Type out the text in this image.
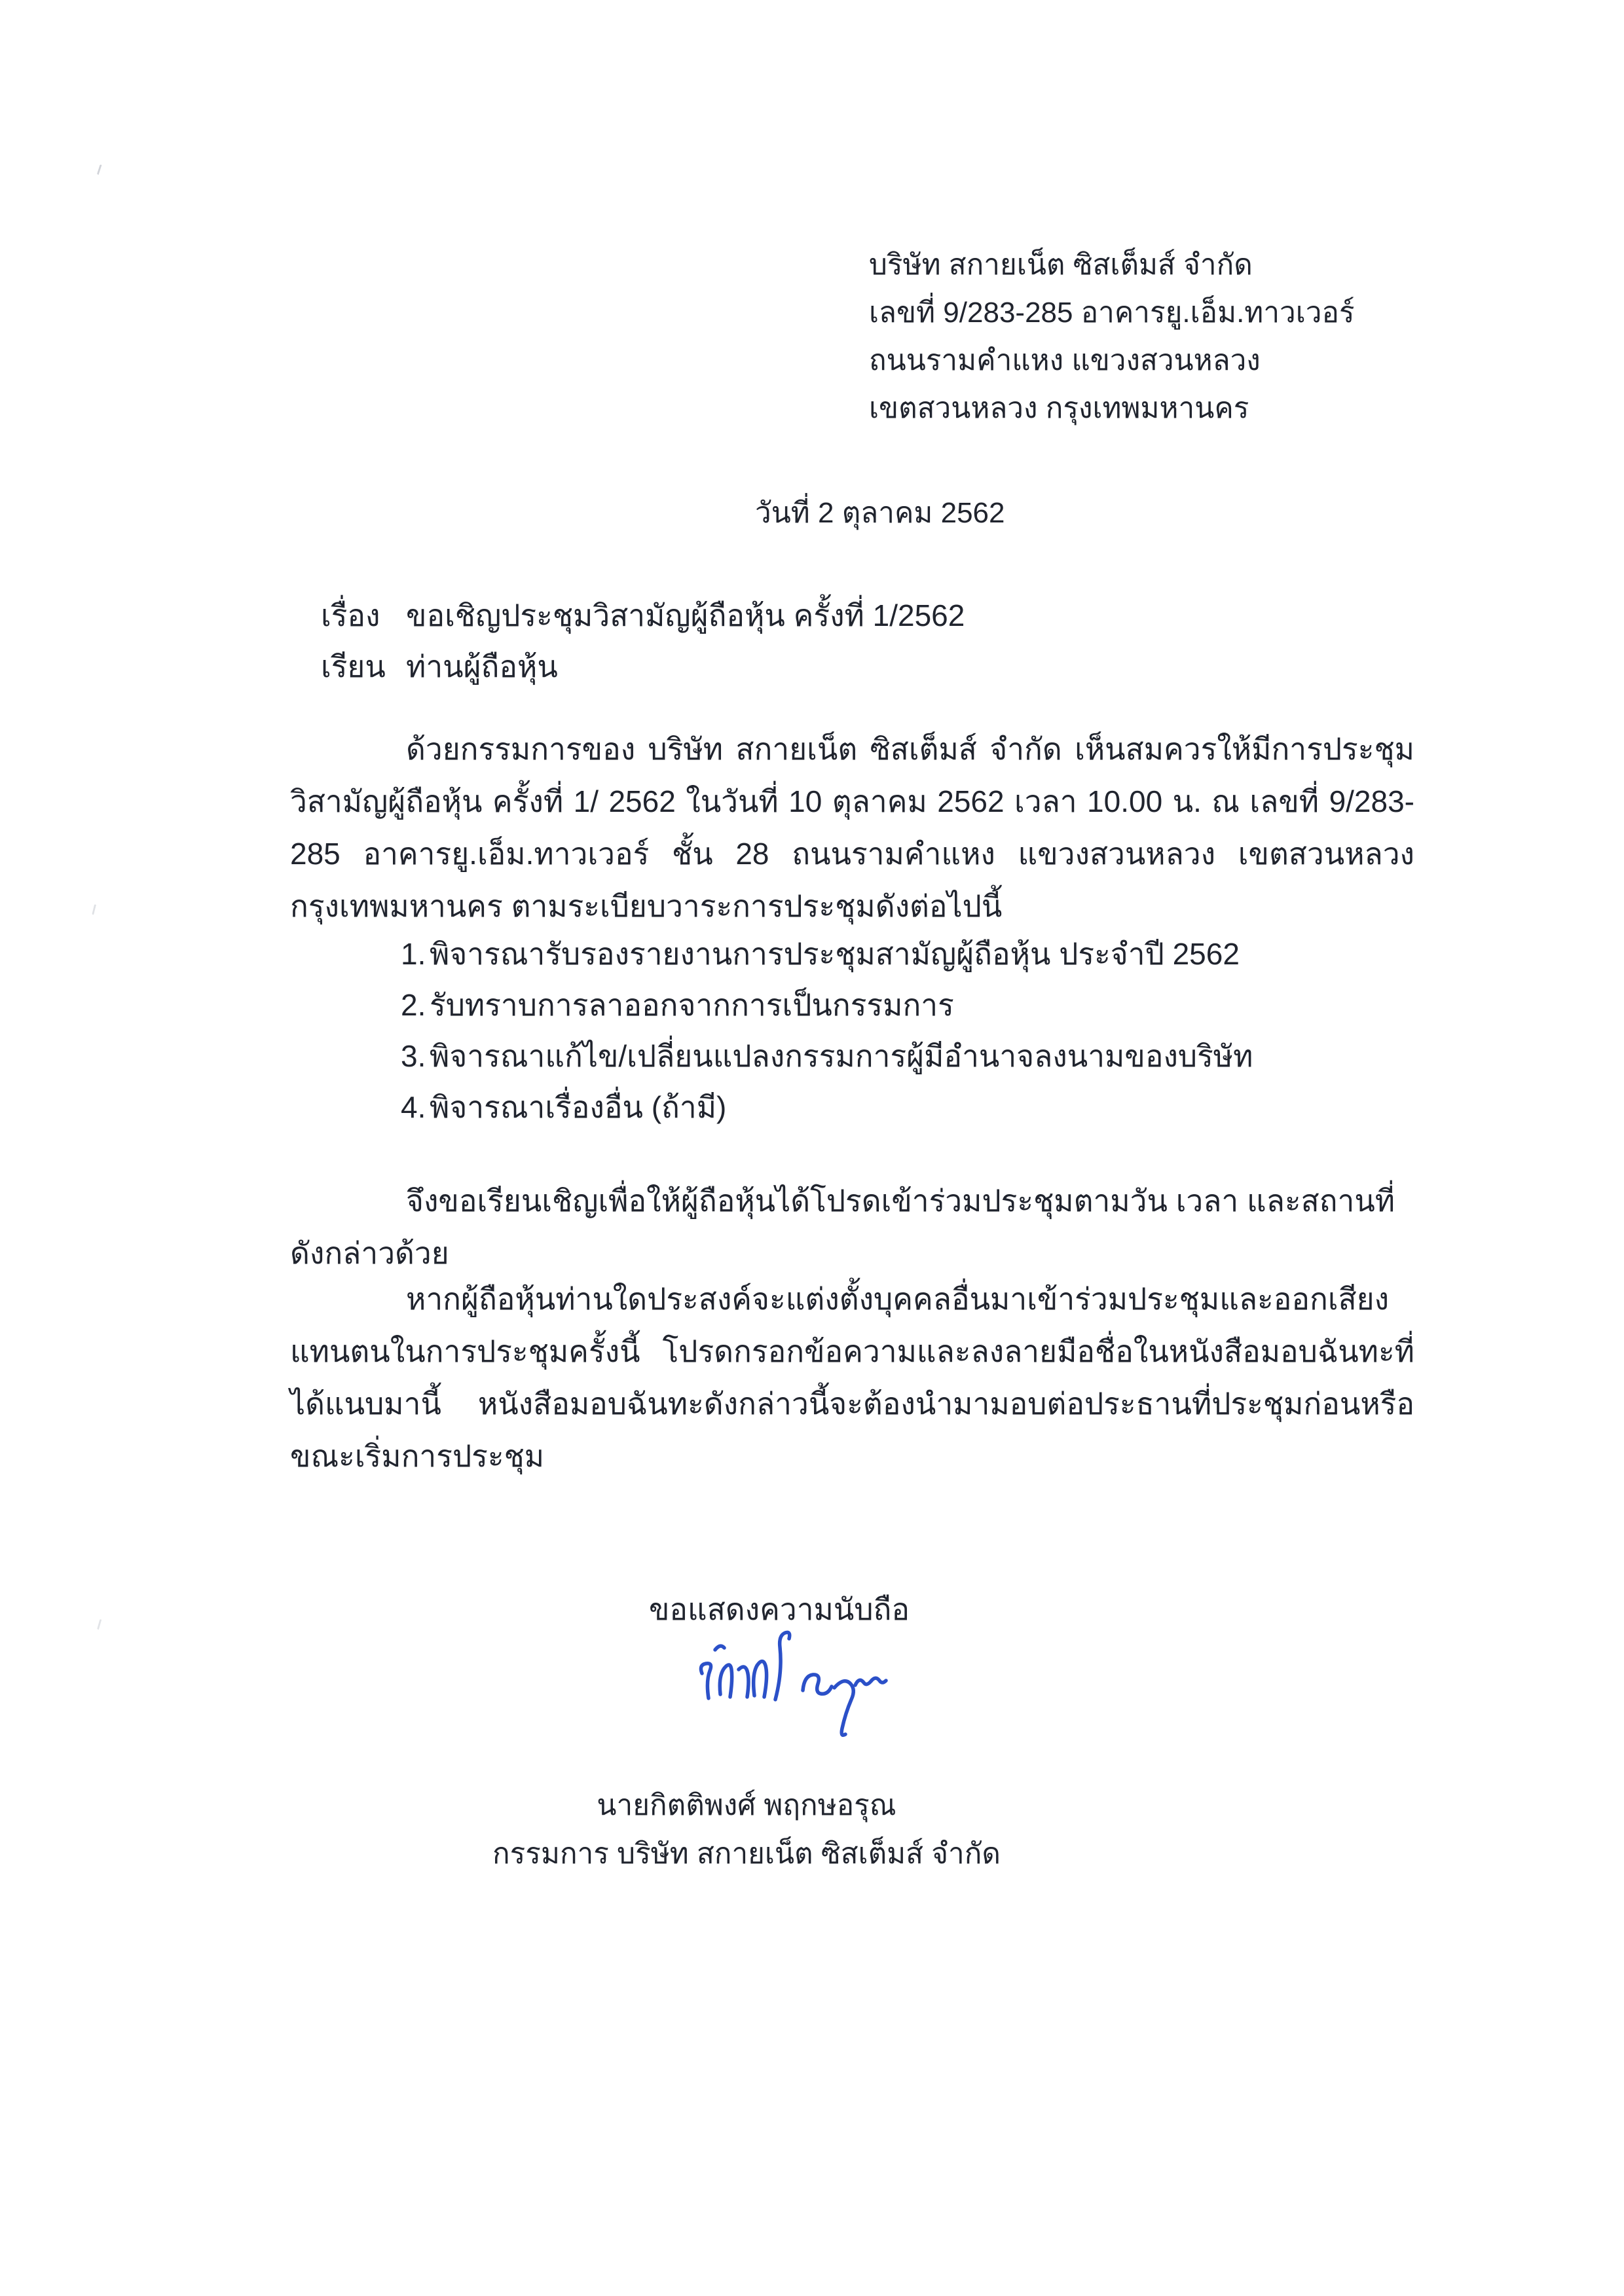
บริษัท สกายเน็ต ซิสเต็มส์ จำกัด
เลขที่ 9/283-285 อาคารยู.เอ็ม.ทาวเวอร์
ถนนรามคำแหง แขวงสวนหลวง
เขตสวนหลวง กรุงเทพมหานคร
วันที่ 2 ตุลาคม 2562
เรื่อง ขอเชิญประชุมวิสามัญผู้ถือหุ้น ครั้งที่ 1/2562
เรียน ท่านผู้ถือหุ้น
ด้วยกรรมการของ บริษัท สกายเน็ต ซิสเต็มส์ จำกัด เห็นสมควรให้มีการประชุมวิสามัญผู้ถือหุ้น ครั้งที่ 1/ 2562 ในวันที่ 10 ตุลาคม 2562 เวลา 10.00 น. ณ เลขที่ 9/283-285 อาคารยู.เอ็ม.ทาวเวอร์ ชั้น 28 ถนนรามคำแหง แขวงสวนหลวง เขตสวนหลวง กรุงเทพมหานคร ตามระเบียบวาระการประชุมดังต่อไปนี้
1. พิจารณารับรองรายงานการประชุมสามัญผู้ถือหุ้น ประจำปี 2562
2. รับทราบการลาออกจากการเป็นกรรมการ
3. พิจารณาแก้ไข/เปลี่ยนแปลงกรรมการผู้มีอำนาจลงนามของบริษัท
4. พิจารณาเรื่องอื่น (ถ้ามี)
จึงขอเรียนเชิญเพื่อให้ผู้ถือหุ้นได้โปรดเข้าร่วมประชุมตามวัน เวลา และสถานที่ดังกล่าวด้วย
หากผู้ถือหุ้นท่านใดประสงค์จะแต่งตั้งบุคคลอื่นมาเข้าร่วมประชุมและออกเสียงแทนตนในการประชุมครั้งนี้ โปรดกรอกข้อความและลงลายมือชื่อในหนังสือมอบฉันทะที่ได้แนบมานี้ หนังสือมอบฉันทะดังกล่าวนี้จะต้องนำมามอบต่อประธานที่ประชุมก่อนหรือขณะเริ่มการประชุม
ขอแสดงความนับถือ
นายกิตติพงศ์ พฤกษอรุณ
กรรมการ บริษัท สกายเน็ต ซิสเต็มส์ จำกัด
